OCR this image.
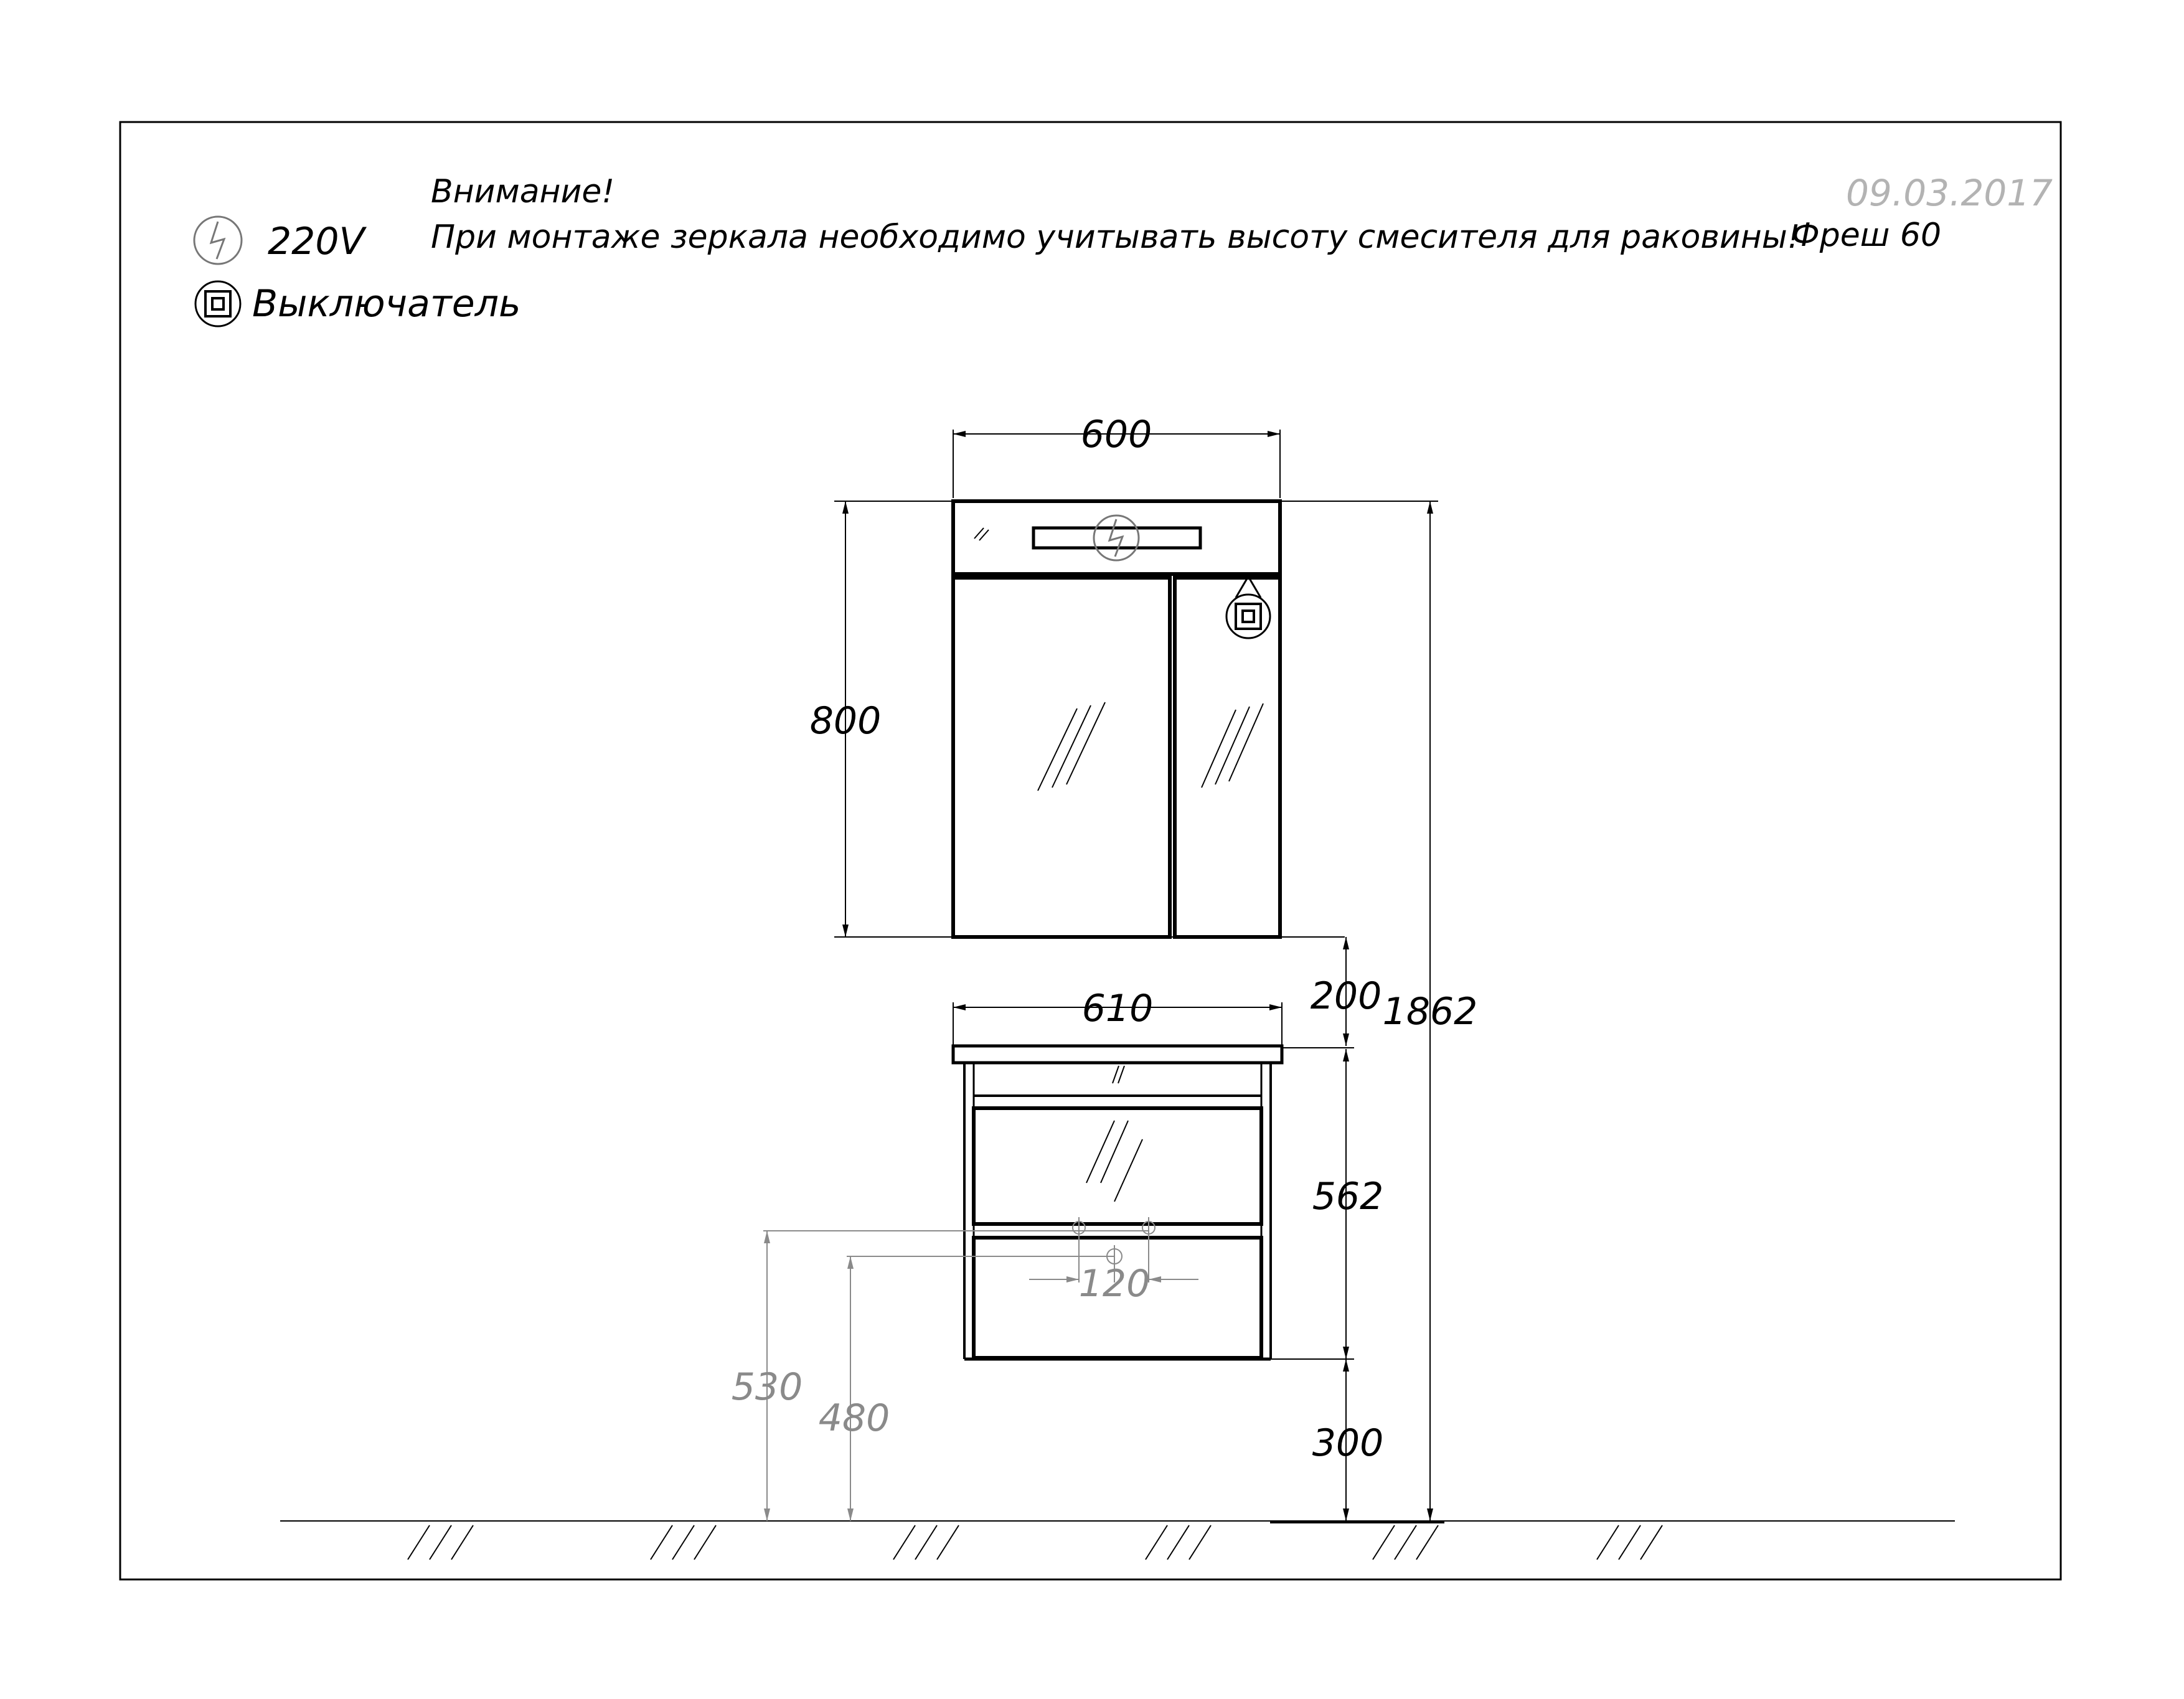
Внимание!
При монтаже зеркала необходимо учитывать высоту смесителя для раковины!
Фреш 60
09.03.2017
220V
Выключатель
600
800
200 1862
610
562
300
120
530
480
